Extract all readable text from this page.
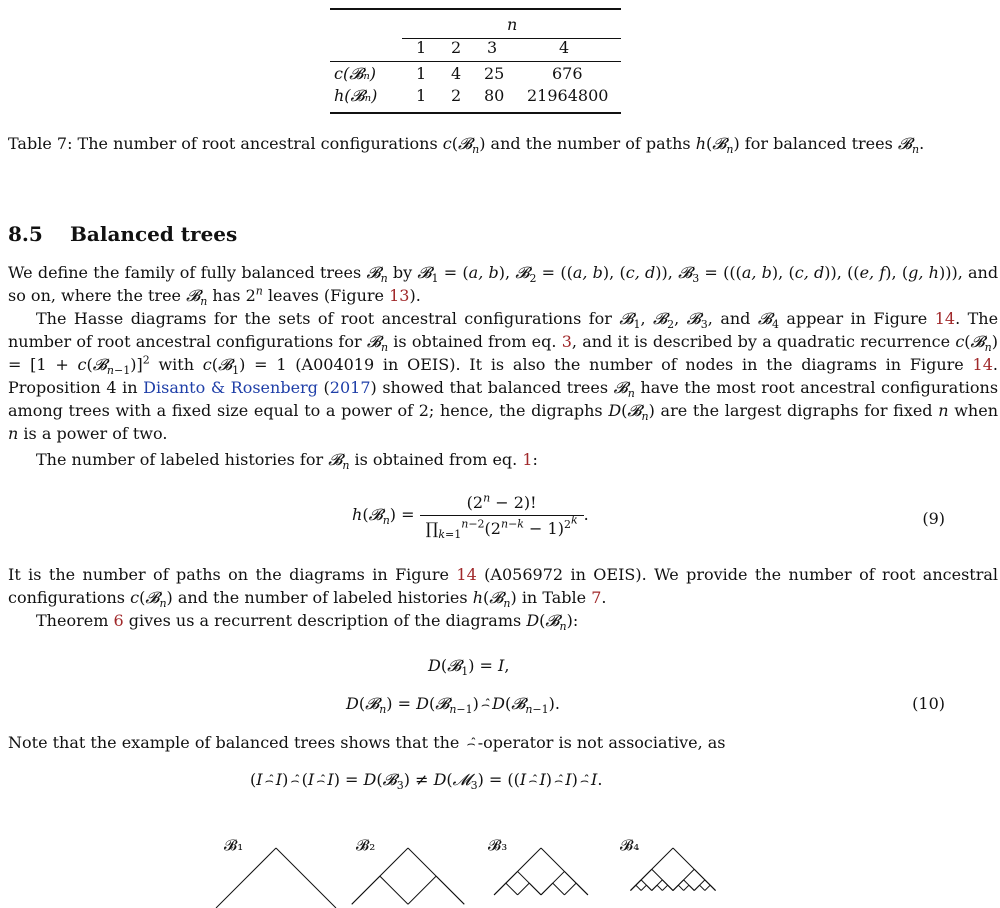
n
1 2 3	4
c(𝓑ₙ) 1 4 25	676
h(𝓑ₙ) 1 2 80 21964800
Table 7: The number of root ancestral configurations c(𝓑$_n$) and the number of paths h(𝓑$_n$) for balanced trees 𝓑$_n$.
8.5 Balanced trees
We define the family of fully balanced trees 𝓑$_n$ by 𝓑$_1$ = (a, b), 𝓑$_2$ = ((a, b), (c, d)), 𝓑$_3$ = (((a, b), (c, d)), ((e, f), (g, h))), and so on, where the tree 𝓑$_n$ has 2$^n$ leaves (Figure 13).
The Hasse diagrams for the sets of root ancestral configurations for 𝓑$_1$, 𝓑$_2$, 𝓑$_3$, and 𝓑$_4$ appear in Figure 14. The number of root ancestral configurations for 𝓑$_n$ is obtained from eq. 3, and it is described by a quadratic recurrence c(𝓑$_n$) = [1 + c(𝓑$_{n-1}$)]$^2$ with c(𝓑$_1$) = 1 (A004019 in OEIS). It is also the number of nodes in the diagrams in Figure 14. Proposition 4 in Disanto & Rosenberg (2017) showed that balanced trees 𝓑$_n$ have the most root ancestral configurations among trees with a fixed size equal to a power of 2; hence, the digraphs D(𝓑$_n$) are the largest digraphs for fixed n when n is a power of two.
The number of labeled histories for 𝓑$_n$ is obtained from eq. 1:
h(𝓑$_n$) = $\frac{(2^n - 2)!}{\prod_{k=1}^{n-2}(2^{n-k} - 1)^{2^k}}$ .	(9)
It is the number of paths on the diagrams in Figure 14 (A056972 in OEIS). We provide the number of root ancestral configurations c(𝓑$_n$) and the number of labeled histories h(𝓑$_n$) in Table 7.
Theorem 6 gives us a recurrent description of the diagrams D(𝓑$_n$):
D(𝓑$_1$) = I,
D(𝓑$_n$) = D(𝓑$_{n-1}$) ⌢̂ D(𝓑$_{n-1}$).	(10)
Note that the example of balanced trees shows that the ⌢̂ -operator is not associative, as
(I ⌢̂ I) ⌢̂ (I ⌢̂ I) = D(𝓑$_3$) ≠ D(𝓜$_3$) = ((I ⌢̂ I) ⌢̂ I) ⌢̂ I.
𝓑₁	𝓑₂	𝓑₃	𝓑₄
